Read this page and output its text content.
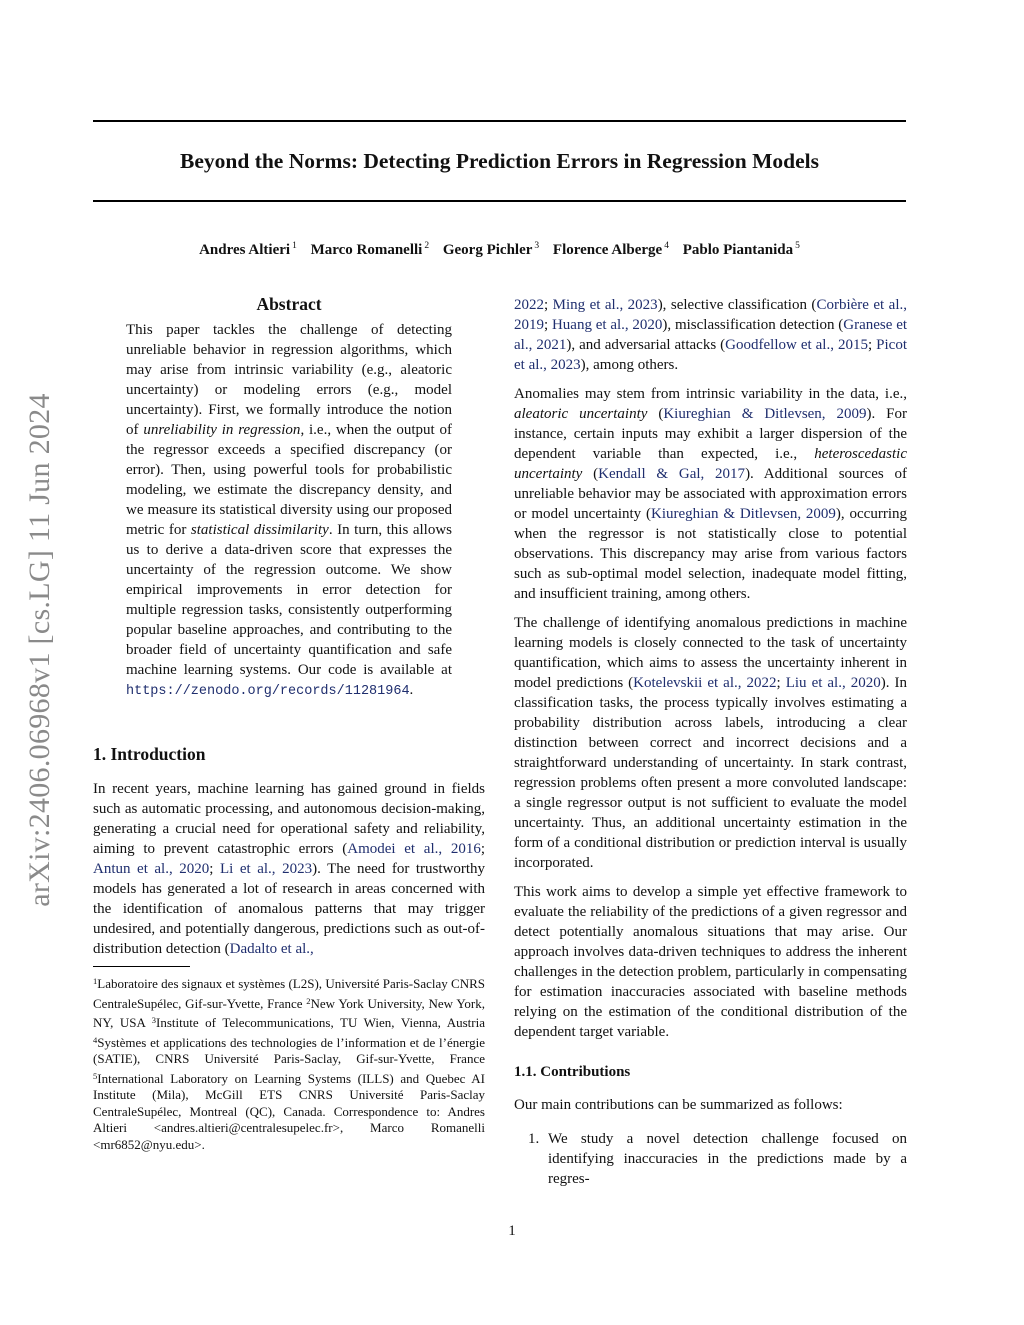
Beyond the Norms: Detecting Prediction Errors in Regression Models
Andres Altieri $^1$ Marco Romanelli $^2$ Georg Pichler $^3$ Florence Alberge $^4$ Pablo Piantanida $^5$
arXiv:2406.06968v1 [cs.LG] 11 Jun 2024
Abstract

This paper tackles the challenge of detecting unreliable behavior in regression algorithms, which may arise from intrinsic variability (e.g., aleatoric uncertainty) or modeling errors (e.g., model uncertainty). First, we formally introduce the notion of unreliability in regression, i.e., when the output of the regressor exceeds a specified discrepancy (or error). Then, using powerful tools for probabilistic modeling, we estimate the discrepancy density, and we measure its statistical diversity using our proposed metric for statistical dissimilarity. In turn, this allows us to derive a data-driven score that expresses the uncertainty of the regression outcome. We show empirical improvements in error detection for multiple regression tasks, consistently outperforming popular baseline approaches, and contributing to the broader field of uncertainty quantification and safe machine learning systems. Our code is available at https://zenodo.org/records/11281964.

1. Introduction

In recent years, machine learning has gained ground in fields such as automatic processing, and autonomous decision-making, generating a crucial need for operational safety and reliability, aiming to prevent catastrophic errors (Amodei et al., 2016; Antun et al., 2020; Li et al., 2023). The need for trustworthy models has generated a lot of research in areas concerned with the identification of anomalous patterns that may trigger undesired, and potentially dangerous, predictions such as out-of-distribution detection (Dadalto et al.,

$^1$Laboratoire des signaux et systèmes (L2S), Université Paris-Saclay CNRS CentraleSupélec, Gif-sur-Yvette, France $^2$New York University, New York, NY, USA $^3$Institute of Telecommunications, TU Wien, Vienna, Austria $^4$Systèmes et applications des technologies de l’information et de l’énergie (SATIE), CNRS Université Paris-Saclay, Gif-sur-Yvette, France $^5$International Laboratory on Learning Systems (ILLS) and Quebec AI Institute (Mila), McGill ETS CNRS Université Paris-Saclay CentraleSupélec, Montreal (QC), Canada. Correspondence to: Andres Altieri <andres.altieri@centralesupelec.fr>, Marco Romanelli <mr6852@nyu.edu>.

2022; Ming et al., 2023), selective classification (Corbière et al., 2019; Huang et al., 2020), misclassification detection (Granese et al., 2021), and adversarial attacks (Goodfellow et al., 2015; Picot et al., 2023), among others.

Anomalies may stem from intrinsic variability in the data, i.e., aleatoric uncertainty (Kiureghian & Ditlevsen, 2009). For instance, certain inputs may exhibit a larger dispersion of the dependent variable than expected, i.e., heteroscedastic uncertainty (Kendall & Gal, 2017). Additional sources of unreliable behavior may be associated with approximation errors or model uncertainty (Kiureghian & Ditlevsen, 2009), occurring when the regressor is not statistically close to potential observations. This discrepancy may arise from various factors such as sub-optimal model selection, inadequate model fitting, and insufficient training, among others.

The challenge of identifying anomalous predictions in machine learning models is closely connected to the task of uncertainty quantification, which aims to assess the uncertainty inherent in model predictions (Kotelevskii et al., 2022; Liu et al., 2020). In classification tasks, the process typically involves estimating a probability distribution across labels, introducing a clear distinction between correct and incorrect decisions and a straightforward understanding of uncertainty. In stark contrast, regression problems often present a more convoluted landscape: a single regressor output is not sufficient to evaluate the model uncertainty. Thus, an additional uncertainty estimation in the form of a conditional distribution or prediction interval is usually incorporated.

This work aims to develop a simple yet effective framework to evaluate the reliability of the predictions of a given regressor and detect potentially anomalous situations that may arise. Our approach involves data-driven techniques to address the inherent challenges in the detection problem, particularly in compensating for estimation inaccuracies associated with baseline methods relying on the estimation of the conditional distribution of the dependent target variable.

1.1. Contributions

Our main contributions can be summarized as follows:

1. We study a novel detection challenge focused on identifying inaccuracies in the predictions made by a regres-
1
